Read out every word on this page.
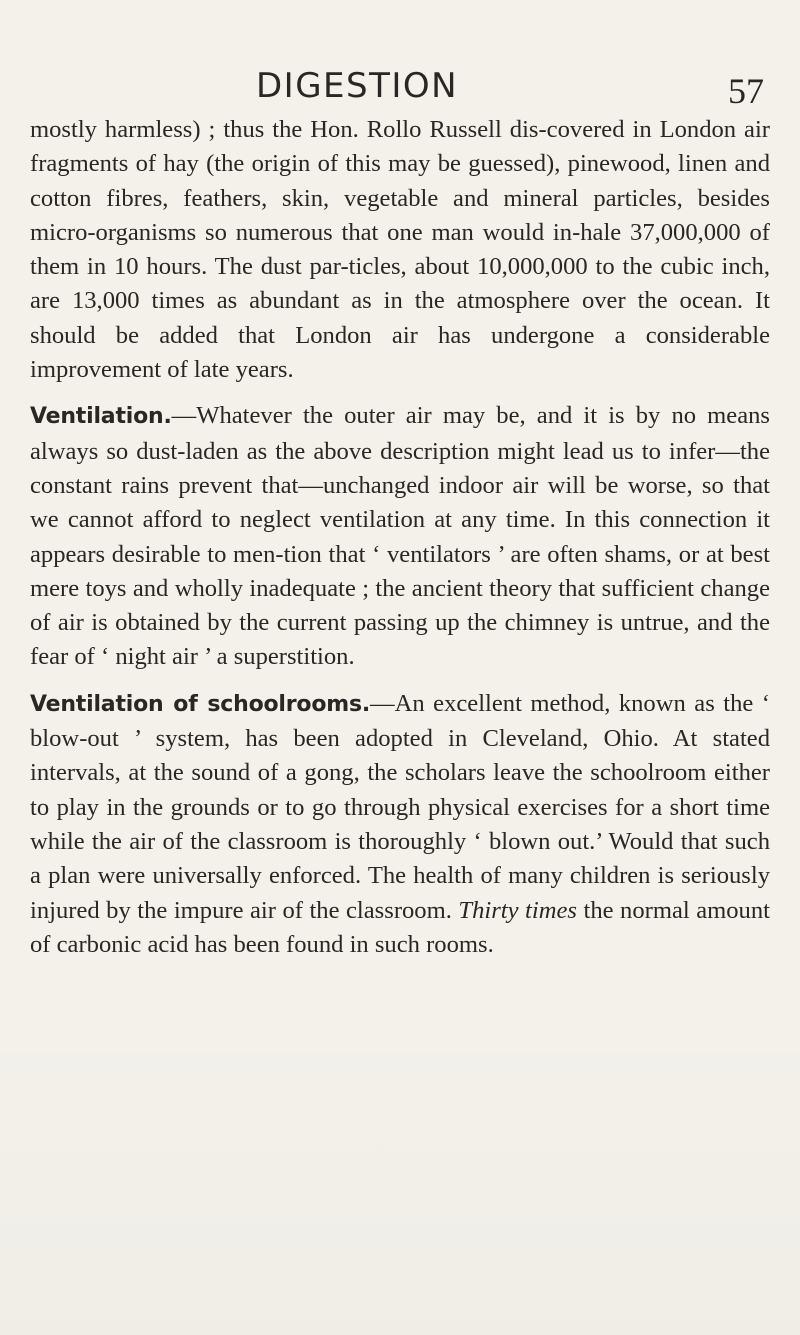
DIGESTION	57

mostly harmless) ; thus the Hon. Rollo Russell dis-covered in London air fragments of hay (the origin of this may be guessed), pinewood, linen and cotton fibres, feathers, skin, vegetable and mineral particles, besides micro-organisms so numerous that one man would in-hale 37,000,000 of them in 10 hours. The dust par-ticles, about 10,000,000 to the cubic inch, are 13,000 times as abundant as in the atmosphere over the ocean. It should be added that London air has undergone a considerable improvement of late years.

Ventilation.—Whatever the outer air may be, and it is by no means always so dust-laden as the above description might lead us to infer—the constant rains prevent that—unchanged indoor air will be worse, so that we cannot afford to neglect ventilation at any time. In this connection it appears desirable to men-tion that ‘ ventilators ’ are often shams, or at best mere toys and wholly inadequate ; the ancient theory that sufficient change of air is obtained by the current passing up the chimney is untrue, and the fear of ‘ night air ’ a superstition.

Ventilation of schoolrooms.—An excellent method, known as the ‘ blow-out ’ system, has been adopted in Cleveland, Ohio. At stated intervals, at the sound of a gong, the scholars leave the schoolroom either to play in the grounds or to go through physical exercises for a short time while the air of the classroom is thoroughly ‘ blown out.’ Would that such a plan were universally enforced. The health of many children is seriously injured by the impure air of the classroom. Thirty times the normal amount of carbonic acid has been found in such rooms.
